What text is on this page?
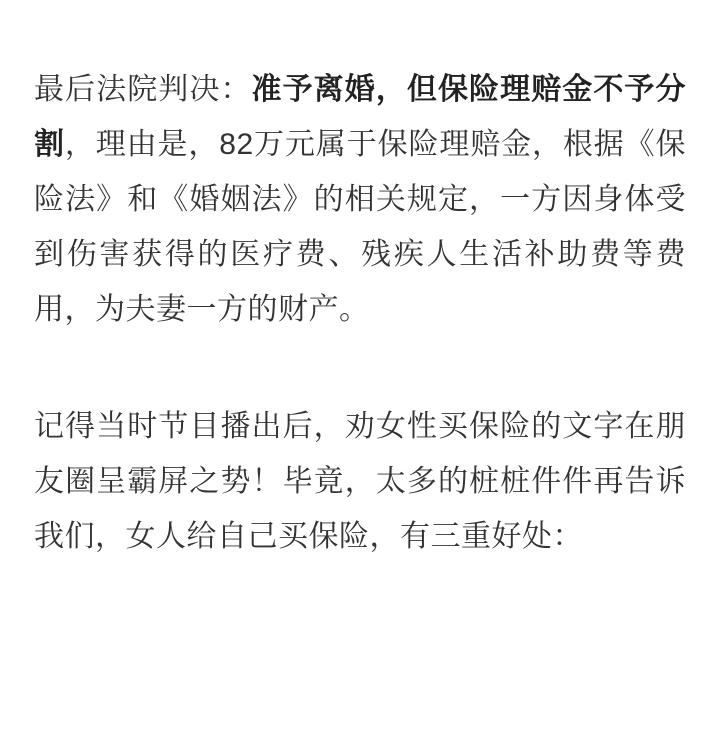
最后法院判决：准予离婚，但保险理赔金不予分割，理由是，82万元属于保险理赔金，根据《保险法》和《婚姻法》的相关规定，一方因身体受到伤害获得的医疗费、残疾人生活补助费等费用，为夫妻一方的财产。

记得当时节目播出后，劝女性买保险的文字在朋友圈呈霸屏之势！毕竟，太多的桩桩件件再告诉我们，女人给自己买保险，有三重好处：
